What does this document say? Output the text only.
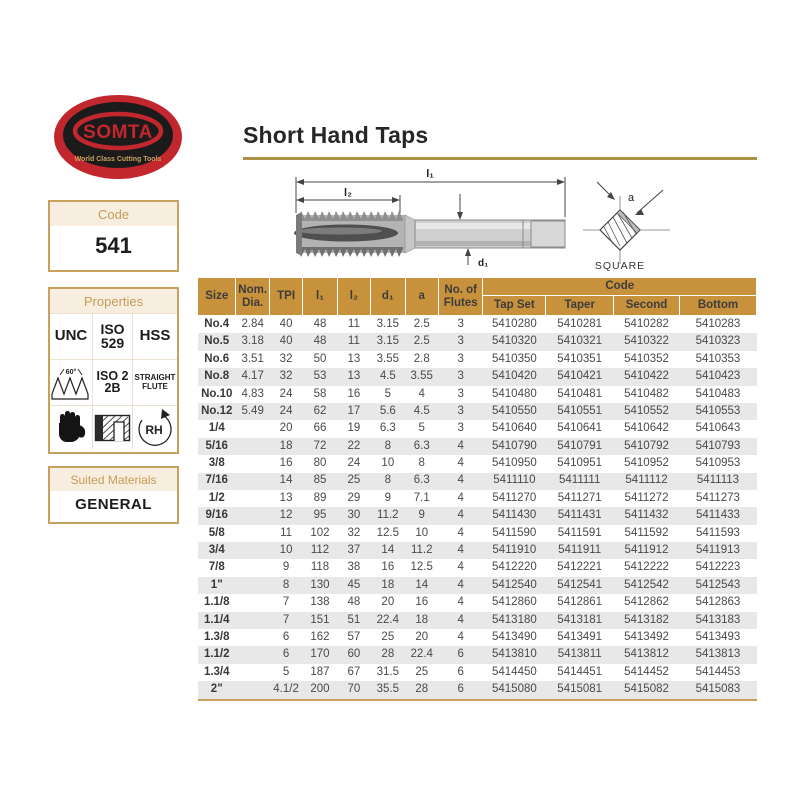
SOMTA
World Class Cutting Tools
Short Hand Taps
l₁
l₂
d₁
a
SQUARE
Code
541
Properties
UNC ISO
529 HSS
60° ISO 2
2B
STRAIGHT
FLUTE
RH
Suited Materials
GENERAL
Size	
Nom.
Dia.
	TPI	l₁	l₂	d₁	a	
No. of
Flutes
	Code
								Tap Set	Taper	Second	Bottom
No.4	2.84	40	48	11	3.15	2.5	3	5410280	5410281	5410282	5410283
No.5	3.18	40	48	11	3.15	2.5	3	5410320	5410321	5410322	5410323
No.6	3.51	32	50	13	3.55	2.8	3	5410350	5410351	5410352	5410353
No.8	4.17	32	53	13	4.5	3.55	3	5410420	5410421	5410422	5410423
No.10	4.83	24	58	16	5	4	3	5410480	5410481	5410482	5410483
No.12	5.49	24	62	17	5.6	4.5	3	5410550	5410551	5410552	5410553
1/4		20	66	19	6.3	5	3	5410640	5410641	5410642	5410643
5/16		18	72	22	8	6.3	4	5410790	5410791	5410792	5410793
3/8		16	80	24	10	8	4	5410950	5410951	5410952	5410953
7/16		14	85	25	8	6.3	4	5411110	5411111	5411112	5411113
1/2		13	89	29	9	7.1	4	5411270	5411271	5411272	5411273
9/16		12	95	30	11.2	9	4	5411430	5411431	5411432	5411433
5/8		11	102	32	12.5	10	4	5411590	5411591	5411592	5411593
3/4		10	112	37	14	11.2	4	5411910	5411911	5411912	5411913
7/8		9	118	38	16	12.5	4	5412220	5412221	5412222	5412223
1"		8	130	45	18	14	4	5412540	5412541	5412542	5412543
1.1/8		7	138	48	20	16	4	5412860	5412861	5412862	5412863
1.1/4		7	151	51	22.4	18	4	5413180	5413181	5413182	5413183
1.3/8		6	162	57	25	20	4	5413490	5413491	5413492	5413493
1.1/2		6	170	60	28	22.4	6	5413810	5413811	5413812	5413813
1.3/4		5	187	67	31.5	25	6	5414450	5414451	5414452	5414453
2"		4.1/2	200	70	35.5	28	6	5415080	5415081	5415082	5415083
